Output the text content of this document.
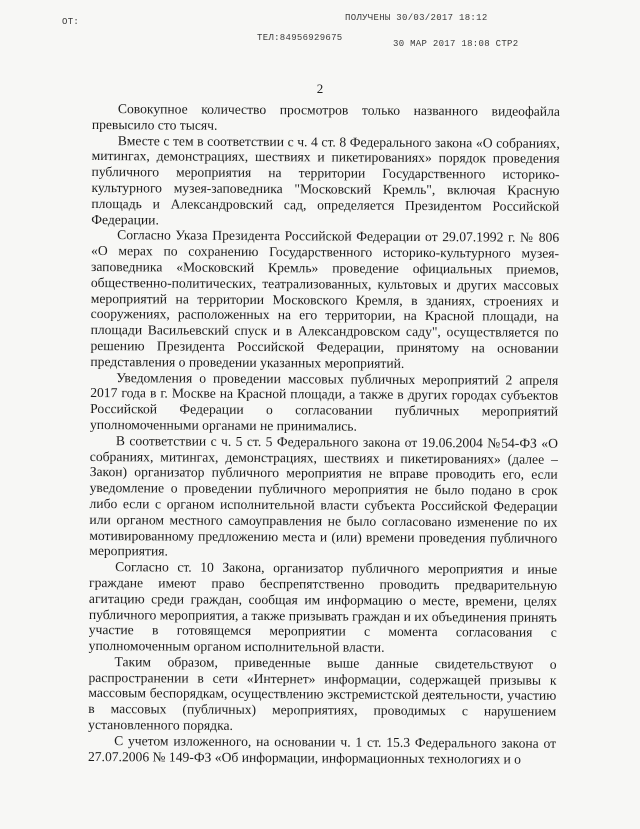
ОТ:	ПОЛУЧЕНЫ 30/03/2017 18:12
ТЕЛ:84956929675
30 МАР 2017 18:08 СТР2
2

Совокупное количество просмотров только названного видеофайла превысило сто тысяч.

Вместе с тем в соответствии с ч. 4 ст. 8 Федерального закона «О собраниях, митингах, демонстрациях, шествиях и пикетированиях» порядок проведения публичного мероприятия на территории Государственного историко-культурного музея-заповедника "Московский Кремль", включая Красную площадь и Александровский сад, определяется Президентом Российской Федерации.

Согласно Указа Президента Российской Федерации от 29.07.1992 г. № 806 «О мерах по сохранению Государственного историко-культурного музея-заповедника «Московский Кремль» проведение официальных приемов, общественно-политических, театрализованных, культовых и других массовых мероприятий на территории Московского Кремля, в зданиях, строениях и сооружениях, расположенных на его территории, на Красной площади, на площади Васильевский спуск и в Александровском саду", осуществляется по решению Президента Российской Федерации, принятому на основании представления о проведении указанных мероприятий.

Уведомления о проведении массовых публичных мероприятий 2 апреля 2017 года в г. Москве на Красной площади, а также в других городах субъектов Российской Федерации о согласовании публичных мероприятий уполномоченными органами не принимались.

В соответствии с ч. 5 ст. 5 Федерального закона от 19.06.2004 №54-ФЗ «О собраниях, митингах, демонстрациях, шествиях и пикетированиях» (далее – Закон) организатор публичного мероприятия не вправе проводить его, если уведомление о проведении публичного мероприятия не было подано в срок либо если с органом исполнительной власти субъекта Российской Федерации или органом местного самоуправления не было согласовано изменение по их мотивированному предложению места и (или) времени проведения публичного мероприятия.

Согласно ст. 10 Закона, организатор публичного мероприятия и иные граждане имеют право беспрепятственно проводить предварительную агитацию среди граждан, сообщая им информацию о месте, времени, целях публичного мероприятия, а также призывать граждан и их объединения принять участие в готовящемся мероприятии с момента согласования с уполномоченным органом исполнительной власти.

Таким образом, приведенные выше данные свидетельствуют о распространении в сети «Интернет» информации, содержащей призывы к массовым беспорядкам, осуществлению экстремистской деятельности, участию в массовых (публичных) мероприятиях, проводимых с нарушением установленного порядка.

С учетом изложенного, на основании ч. 1 ст. 15.3 Федерального закона от 27.07.2006 № 149-ФЗ «Об информации, информационных технологиях и о
